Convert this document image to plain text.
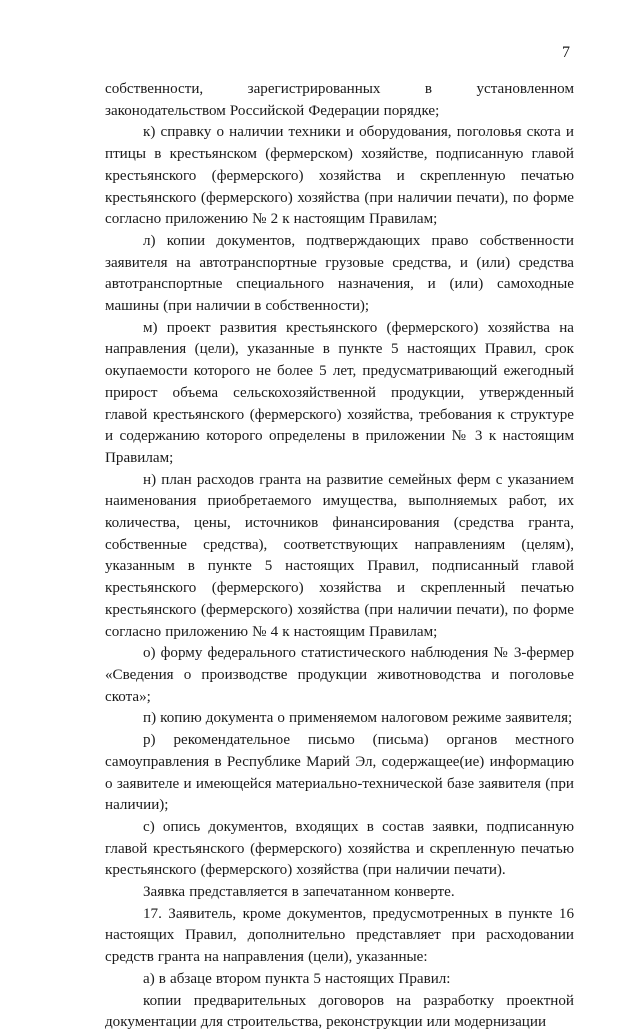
7

собственности, зарегистрированных в установленном законодательством Российской Федерации порядке;

к) справку о наличии техники и оборудования, поголовья скота и птицы в крестьянском (фермерском) хозяйстве, подписанную главой крестьянского (фермерского) хозяйства и скрепленную печатью крестьянского (фермерского) хозяйства (при наличии печати), по форме согласно приложению № 2 к настоящим Правилам;

л) копии документов, подтверждающих право собственности заявителя на автотранспортные грузовые средства, и (или) средства автотранспортные специального назначения, и (или) самоходные машины (при наличии в собственности);

м) проект развития крестьянского (фермерского) хозяйства на направления (цели), указанные в пункте 5 настоящих Правил, срок окупаемости которого не более 5 лет, предусматривающий ежегодный прирост объема сельскохозяйственной продукции, утвержденный главой крестьянского (фермерского) хозяйства, требования к структуре и содержанию которого определены в приложении № 3 к настоящим Правилам;

н) план расходов гранта на развитие семейных ферм с указанием наименования приобретаемого имущества, выполняемых работ, их количества, цены, источников финансирования (средства гранта, собственные средства), соответствующих направлениям (целям), указанным в пункте 5 настоящих Правил, подписанный главой крестьянского (фермерского) хозяйства и скрепленный печатью крестьянского (фермерского) хозяйства (при наличии печати), по форме согласно приложению № 4 к настоящим Правилам;

о) форму федерального статистического наблюдения № 3-фермер «Сведения о производстве продукции животноводства и поголовье скота»;

п) копию документа о применяемом налоговом режиме заявителя;

р) рекомендательное письмо (письма) органов местного самоуправления в Республике Марий Эл, содержащее(ие) информацию о заявителе и имеющейся материально-технической базе заявителя (при наличии);

с) опись документов, входящих в состав заявки, подписанную главой крестьянского (фермерского) хозяйства и скрепленную печатью крестьянского (фермерского) хозяйства (при наличии печати).

Заявка представляется в запечатанном конверте.

17. Заявитель, кроме документов, предусмотренных в пункте 16 настоящих Правил, дополнительно представляет при расходовании средств гранта на направления (цели), указанные:

а) в абзаце втором пункта 5 настоящих Правил:

копии предварительных договоров на разработку проектной документации для строительства, реконструкции или модернизации
